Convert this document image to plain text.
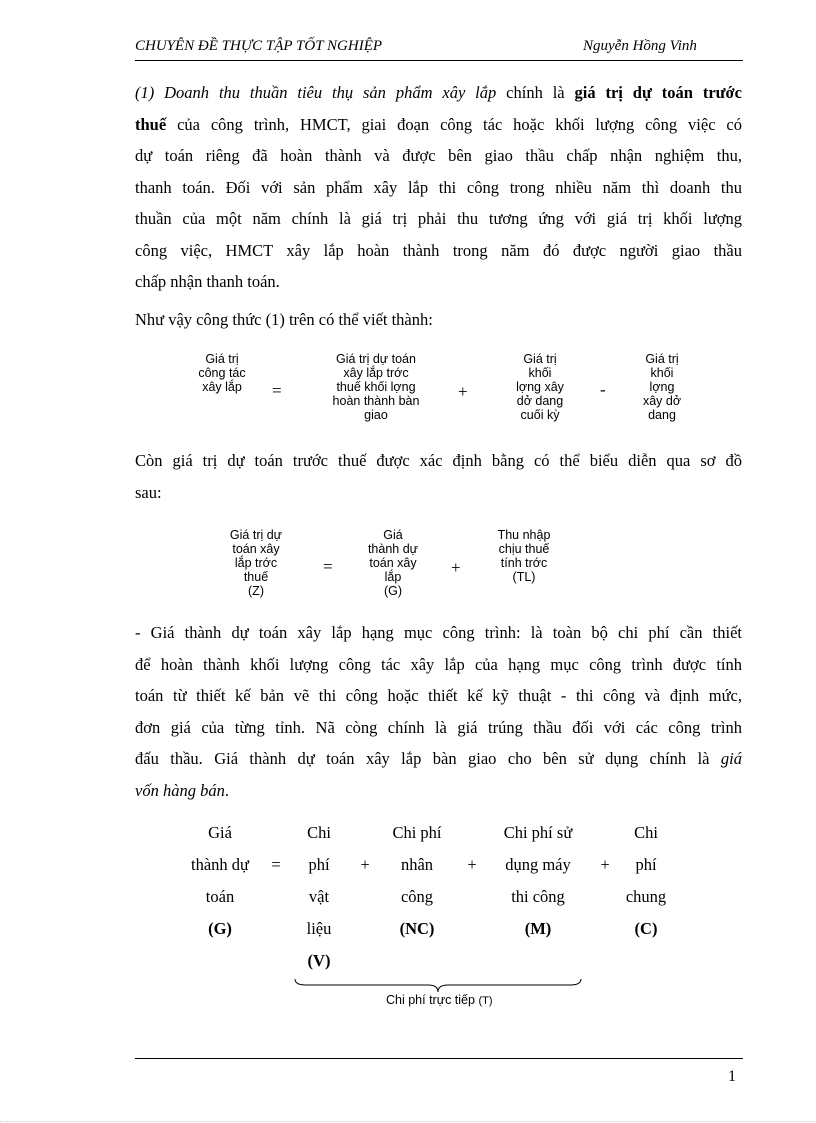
CHUYÊN ĐỀ THỰC TẬP TỐT NGHIỆP	Nguyễn Hồng Vinh
(1) Doanh thu thuần tiêu thụ sản phẩm xây lắp chính là giá trị dự toán trước
thuế của công trình, HMCT, giai đoạn công tác hoặc khối lượng công việc có
dự toán riêng đã hoàn thành và được bên giao thầu chấp nhận nghiệm thu,
thanh toán. Đối với sản phẩm xây lắp thi công trong nhiều năm thì doanh thu
thuần của một năm chính là giá trị phải thu tương ứng với giá trị khối lượng
công việc, HMCT xây lắp hoàn thành trong năm đó được người giao thầu
chấp nhận thanh toán.
Như vậy công thức (1) trên có thể viết thành:
Giá trị
công tác
xây lắp	=
Giá trị dự toán
xây lắp trớc
thuế khối lợng
hoàn thành bàn
giao
+
Giá trị
khối
lợng xây
dở dang
cuối kỳ
-
Giá trị
khối
lợng
xây dở
dang
Còn giá trị dự toán trước thuế được xác định bằng có thể biểu diễn qua sơ đồ
sau:
Giá trị dự
toán xây
lắp trớc
thuế
(Z)
=
Giá
thành dự
toán xây
lắp
(G)
+
Thu nhập
chịu thuế
tính trớc
(TL)
- Giá thành dự toán xây lắp hạng mục công trình: là toàn bộ chi phí cần thiết
để hoàn thành khối lượng công tác xây lắp của hạng mục công trình được tính
toán từ thiết kế bản vẽ thi công hoặc thiết kế kỹ thuật - thi công và định mức,
đơn giá của từng tỉnh. Nã còng chính là giá trúng thầu đối với các công trình
đấu thầu. Giá thành dự toán xây lắp bàn giao cho bên sử dụng chính là giá
vốn hàng bán.
Giá
thành dự
toán
(G)
=
Chi
phí
vật
liệu
(V)
+
Chi phí
nhân
công
(NC)
+
Chi phí sử
dụng máy
thi công
(M)
+
Chi
phí
chung
(C)
Chi phí trực tiếp (T)
1
